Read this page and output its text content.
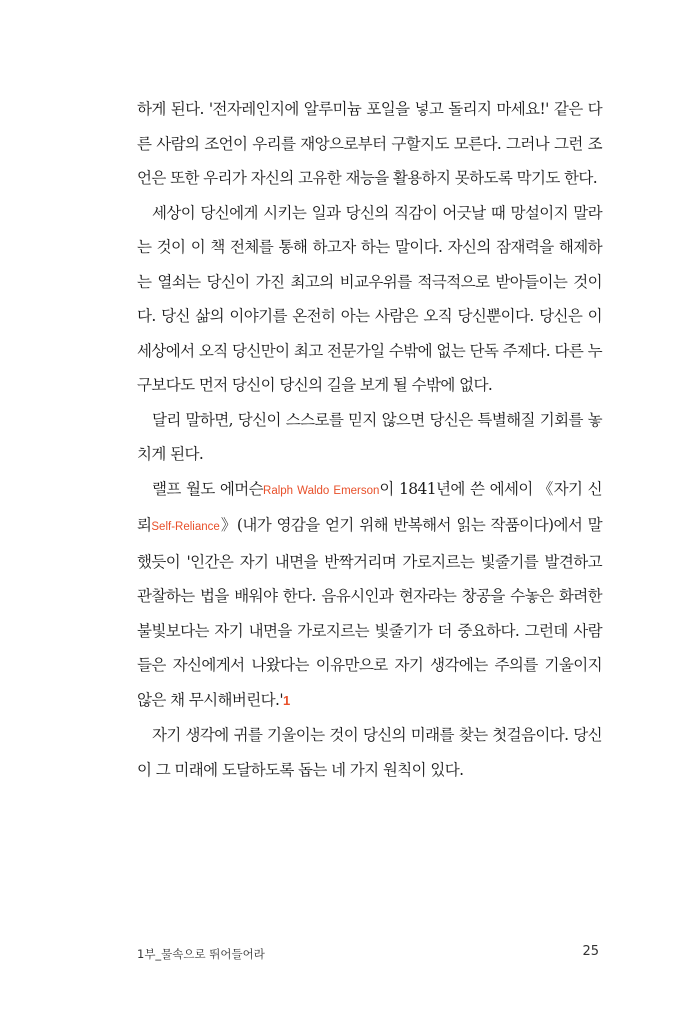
하게 된다. '전자레인지에 알루미늄 포일을 넣고 돌리지 마세요!' 같은 다른 사람의 조언이 우리를 재앙으로부터 구할지도 모른다. 그러나 그런 조언은 또한 우리가 자신의 고유한 재능을 활용하지 못하도록 막기도 한다.

세상이 당신에게 시키는 일과 당신의 직감이 어긋날 때 망설이지 말라는 것이 이 책 전체를 통해 하고자 하는 말이다. 자신의 잠재력을 해제하는 열쇠는 당신이 가진 최고의 비교우위를 적극적으로 받아들이는 것이다. 당신 삶의 이야기를 온전히 아는 사람은 오직 당신뿐이다. 당신은 이 세상에서 오직 당신만이 최고 전문가일 수밖에 없는 단독 주제다. 다른 누구보다도 먼저 당신이 당신의 길을 보게 될 수밖에 없다.

달리 말하면, 당신이 스스로를 믿지 않으면 당신은 특별해질 기회를 놓치게 된다.

랠프 월도 에머슨Ralph Waldo Emerson이 1841년에 쓴 에세이 《자기 신뢰Self-Reliance》(내가 영감을 얻기 위해 반복해서 읽는 작품이다)에서 말했듯이 '인간은 자기 내면을 반짝거리며 가로지르는 빛줄기를 발견하고 관찰하는 법을 배워야 한다. 음유시인과 현자라는 창공을 수놓은 화려한 불빛보다는 자기 내면을 가로지르는 빛줄기가 더 중요하다. 그런데 사람들은 자신에게서 나왔다는 이유만으로 자기 생각에는 주의를 기울이지 않은 채 무시해버린다.'1

자기 생각에 귀를 기울이는 것이 당신의 미래를 찾는 첫걸음이다. 당신이 그 미래에 도달하도록 돕는 네 가지 원칙이 있다.

1부_물속으로 뛰어들어라	25
